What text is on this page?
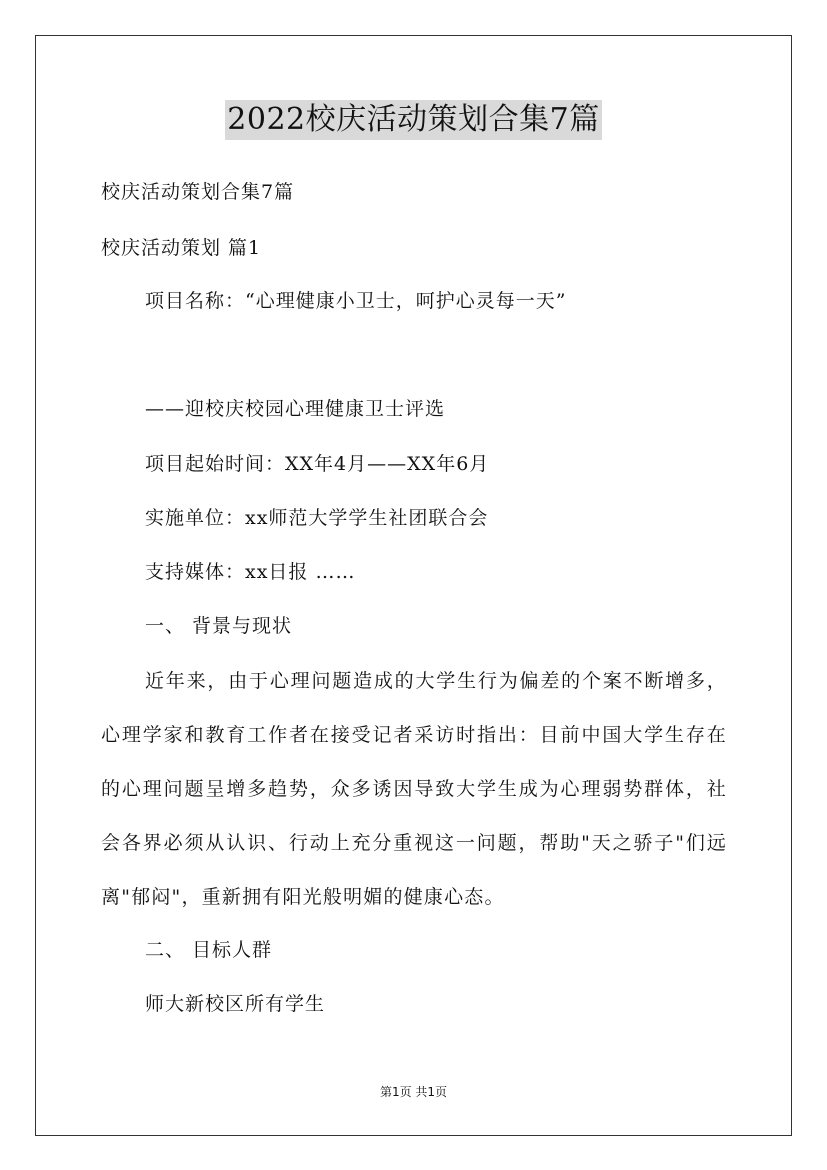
2022校庆活动策划合集7篇
校庆活动策划合集7篇
校庆活动策划 篇1
项目名称：“心理健康小卫士，呵护心灵每一天”
——迎校庆校园心理健康卫士评选
项目起始时间：XX年4月——XX年6月
实施单位：xx师范大学学生社团联合会
支持媒体：xx日报 ……
一、 背景与现状
近年来，由于心理问题造成的大学生行为偏差的个案不断增多，心理学家和教育工作者在接受记者采访时指出：目前中国大学生存在的心理问题呈增多趋势，众多诱因导致大学生成为心理弱势群体，社会各界必须从认识、行动上充分重视这一问题，帮助"天之骄子"们远离"郁闷"，重新拥有阳光般明媚的健康心态。
二、 目标人群
师大新校区所有学生
第1页 共1页
